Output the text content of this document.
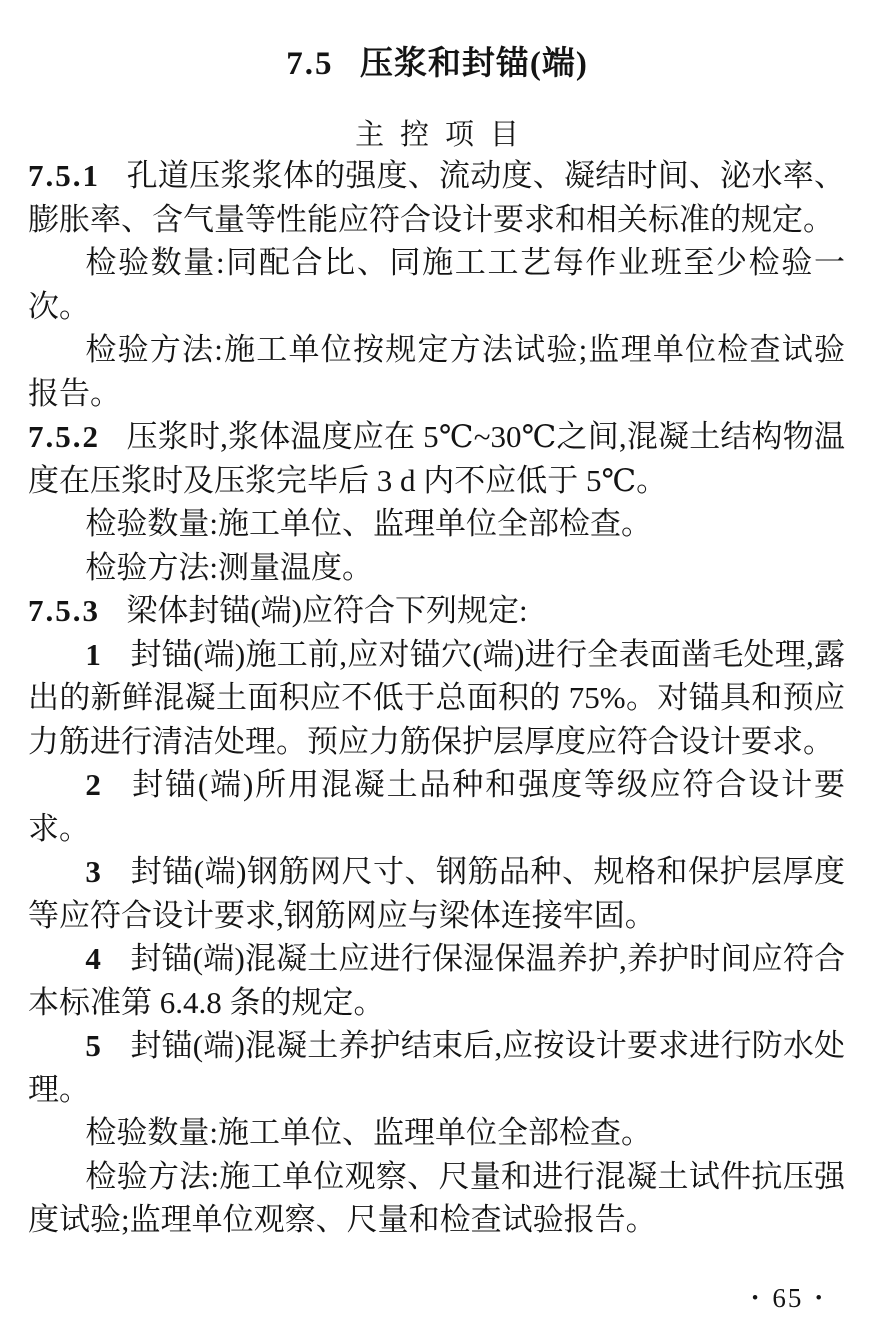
7.5 压浆和封锚(端)
主控项目

7.5.1 孔道压浆浆体的强度、流动度、凝结时间、泌水率、膨胀率、含气量等性能应符合设计要求和相关标准的规定。

检验数量:同配合比、同施工工艺每作业班至少检验一次。

检验方法:施工单位按规定方法试验;监理单位检查试验报告。

7.5.2 压浆时,浆体温度应在 5℃~30℃之间,混凝土结构物温度在压浆时及压浆完毕后 3 d 内不应低于 5℃。

检验数量:施工单位、监理单位全部检查。

检验方法:测量温度。

7.5.3 梁体封锚(端)应符合下列规定:

1 封锚(端)施工前,应对锚穴(端)进行全表面凿毛处理,露出的新鲜混凝土面积应不低于总面积的 75%。对锚具和预应力筋进行清洁处理。预应力筋保护层厚度应符合设计要求。

2 封锚(端)所用混凝土品种和强度等级应符合设计要求。

3 封锚(端)钢筋网尺寸、钢筋品种、规格和保护层厚度等应符合设计要求,钢筋网应与梁体连接牢固。

4 封锚(端)混凝土应进行保湿保温养护,养护时间应符合本标准第 6.4.8 条的规定。

5 封锚(端)混凝土养护结束后,应按设计要求进行防水处理。

检验数量:施工单位、监理单位全部检查。

检验方法:施工单位观察、尺量和进行混凝土试件抗压强度试验;监理单位观察、尺量和检查试验报告。

• 65 •
